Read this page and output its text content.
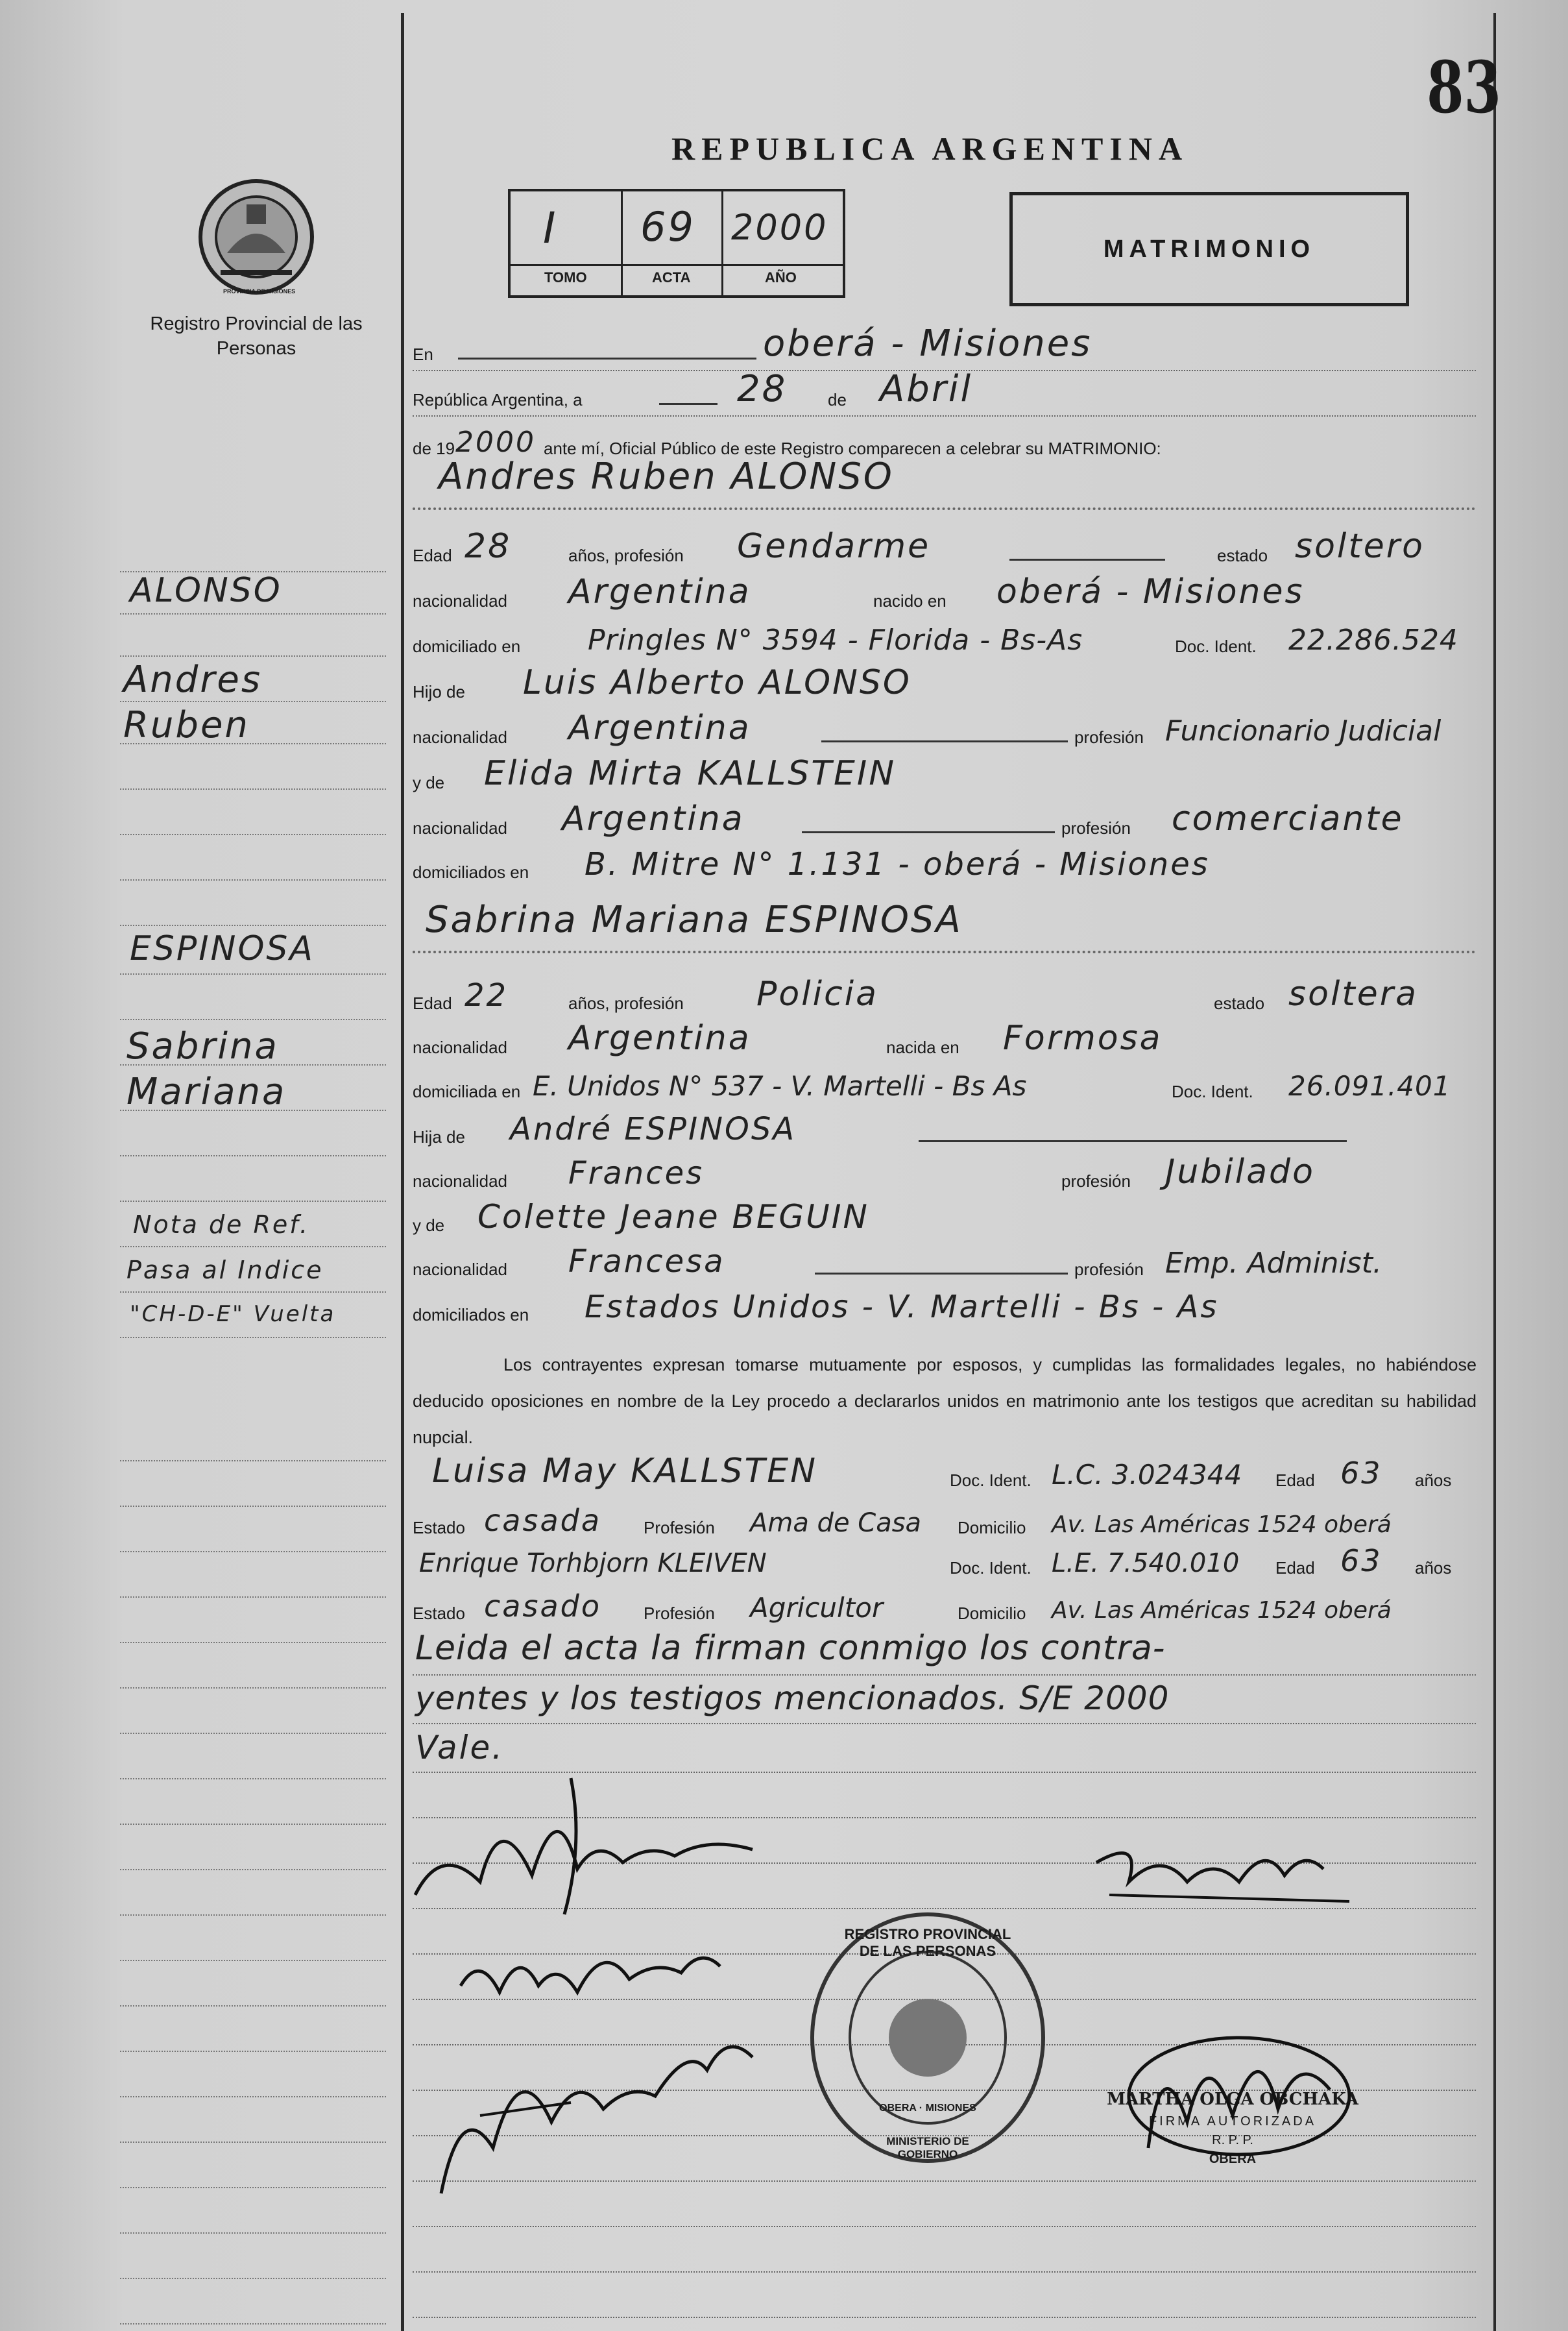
83
REPUBLICA ARGENTINA
I 69 2000
TOMO	ACTA	AÑO
MATRIMONIO
PROVINCIA DE MISIONES
Registro Provincial de las Personas
ALONSO
Andres
Ruben
ESPINOSA
Sabrina
Mariana
Nota de Ref.
Pasa al Indice
"CH-D-E" Vuelta
En	oberá - Misiones
República Argentina, a	28 de Abril
de 19 2000 ante mí, Oficial Público de este Registro comparecen a celebrar su MATRIMONIO:
Andres Ruben ALONSO
Edad 28	años, profesión Gendarme	estado soltero
nacionalidad Argentina	nacido en oberá - Misiones
domiciliado en Pringles N° 3594 - Florida - Bs-As	Doc. Ident. 22.286.524
Hijo de Luis Alberto ALONSO
nacionalidad Argentina	profesión Funcionario Judicial
y de Elida Mirta KALLSTEIN
nacionalidad Argentina	profesión comerciante
domiciliados en B. Mitre N° 1.131 - oberá - Misiones
Sabrina Mariana ESPINOSA
Edad 22	años, profesión Policia	estado soltera
nacionalidad Argentina	nacida en Formosa
domiciliada en E. Unidos N° 537 - V. Martelli - Bs As	Doc. Ident. 26.091.401
Hija de André ESPINOSA
nacionalidad Frances	profesión Jubilado
y de Colette Jeane BEGUIN
nacionalidad Francesa	profesión Emp. Administ.
domiciliados en Estados Unidos - V. Martelli - Bs - As
Los contrayentes expresan tomarse mutuamente por esposos, y cumplidas las formalidades legales, no habiéndose deducido oposiciones en nombre de la Ley procedo a declararlos unidos en matrimonio ante los testigos que acreditan su habilidad nupcial.
Luisa May KALLSTEN	Doc. Ident. L.C. 3.024344 Edad 63 años
Estado casada Profesión Ama de Casa Domicilio Av. Las Américas 1524 oberá
Enrique Torhbjorn KLEIVEN	Doc. Ident. L.E. 7.540.010 Edad 63 años
Estado casado	Profesión Agricultor	Domicilio Av. Las Américas 1524 oberá
Leida el acta la firman conmigo los contra-
yentes y los testigos mencionados. S/E 2000
Vale.
REGISTRO PROVINCIAL DE LAS PERSONAS
OBERA · MISIONES
MINISTERIO DE GOBIERNO
MARTHA OLGA OBCHAKA
FIRMA AUTORIZADA
R. P. P.
OBERA
